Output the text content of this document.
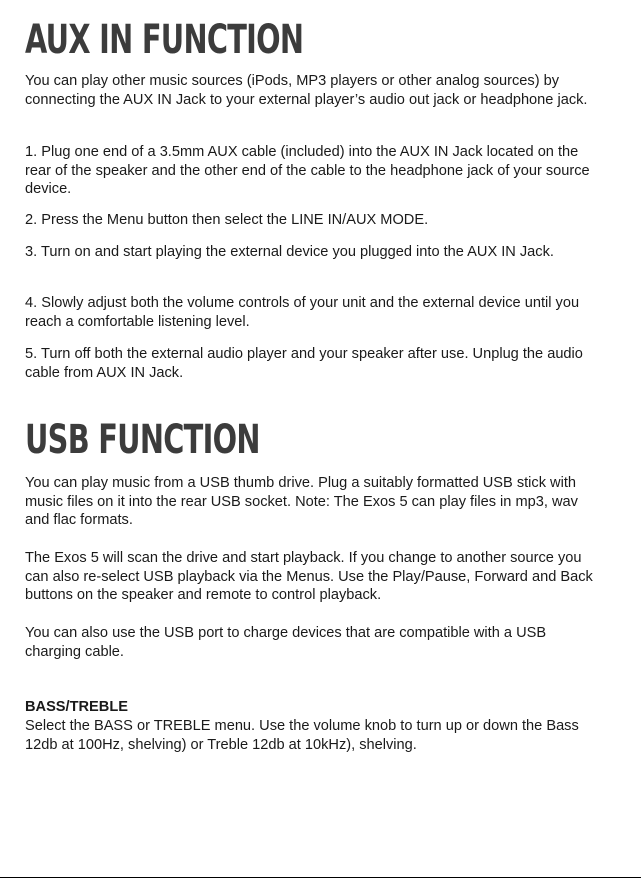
AUX IN FUNCTION

You can play other music sources (iPods, MP3 players or other analog sources) by connecting the AUX IN Jack to your external player’s audio out jack or headphone jack.

1. Plug one end of a 3.5mm AUX cable (included) into the AUX IN Jack located on the rear of the speaker and the other end of the cable to the headphone jack of your source device.

2. Press the Menu button then select the LINE IN/AUX MODE.

3. Turn on and start playing the external device you plugged into the AUX IN Jack.

4. Slowly adjust both the volume controls of your unit and the external device until you reach a comfortable listening level.

5. Turn off both the external audio player and your speaker after use. Unplug the audio cable from AUX IN Jack.

USB FUNCTION

You can play music from a USB thumb drive. Plug a suitably formatted USB stick with music files on it into the rear USB socket. Note: The Exos 5 can play files in mp3, wav and flac formats.

The Exos 5 will scan the drive and start playback. If you change to another source you can also re-select USB playback via the Menus. Use the Play/Pause, Forward and Back buttons on the speaker and remote to control playback.

You can also use the USB port to charge devices that are compatible with a USB charging cable.

BASS/TREBLE

Select the BASS or TREBLE menu. Use the volume knob to turn up or down the Bass 12db at 100Hz, shelving) or Treble 12db at 10kHz), shelving.
